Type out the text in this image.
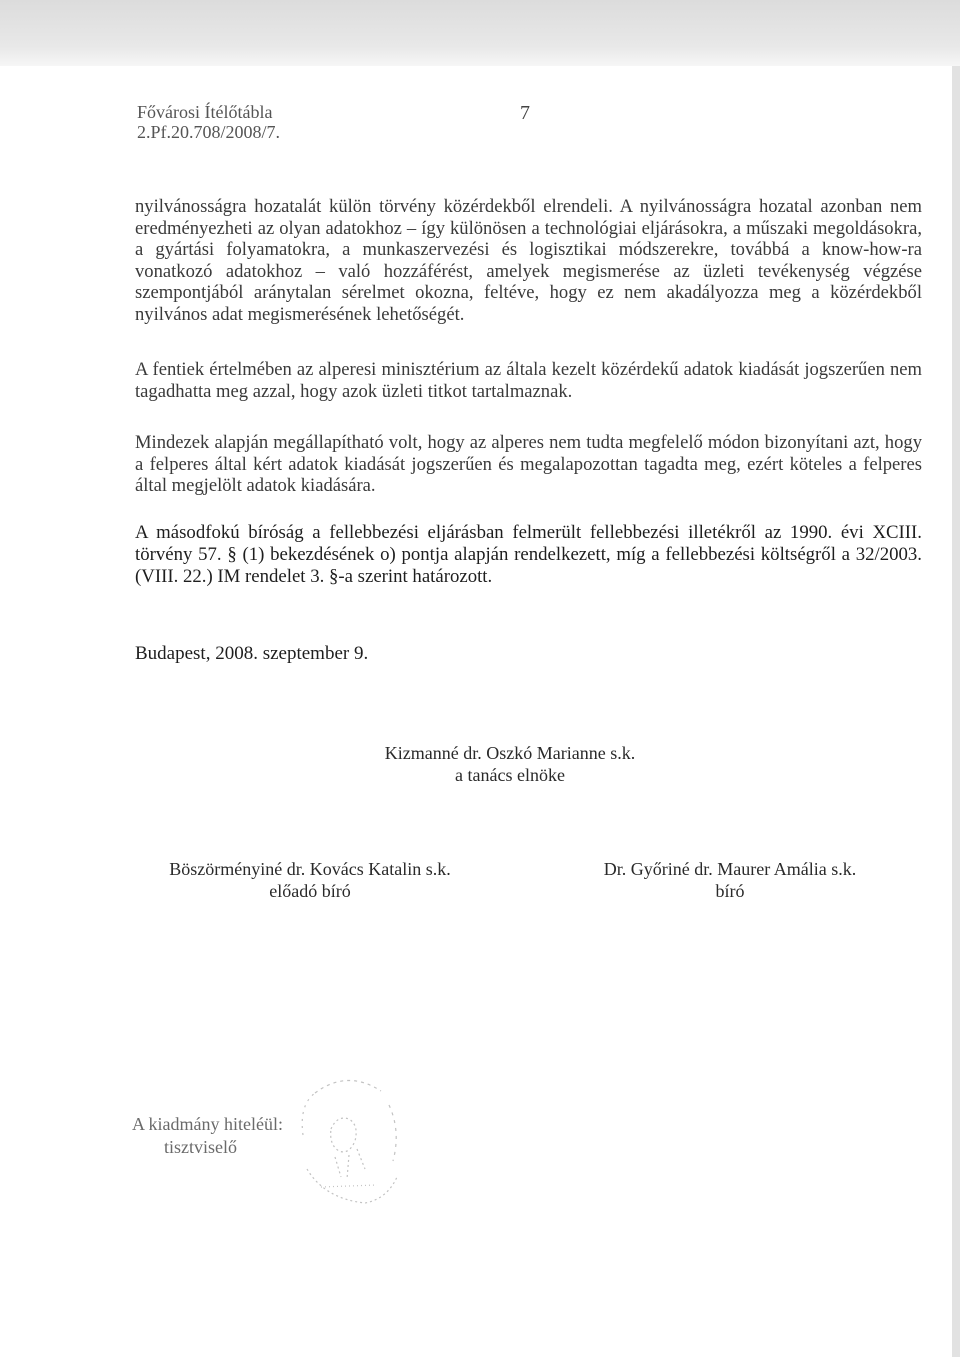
Fővárosi Ítélőtábla
2.Pf.20.708/2008/7.
7

nyilvánosságra hozatalát külön törvény közérdekből elrendeli. A nyilvánosságra hozatal azonban nem eredményezheti az olyan adatokhoz – így különösen a technológiai eljárásokra, a műszaki megoldásokra, a gyártási folyamatokra, a munkaszervezési és logisztikai módszerekre, továbbá a know-how-ra vonatkozó adatokhoz – való hozzáférést, amelyek megismerése az üzleti tevékenység végzése szempontjából aránytalan sérelmet okozna, feltéve, hogy ez nem akadályozza meg a közérdekből nyilvános adat megismerésének lehetőségét.

A fentiek értelmében az alperesi minisztérium az általa kezelt közérdekű adatok kiadását jogszerűen nem tagadhatta meg azzal, hogy azok üzleti titkot tartalmaznak.

Mindezek alapján megállapítható volt, hogy az alperes nem tudta megfelelő módon bizonyítani azt, hogy a felperes által kért adatok kiadását jogszerűen és megalapozottan tagadta meg, ezért köteles a felperes által megjelölt adatok kiadására.

A másodfokú bíróság a fellebbezési eljárásban felmerült fellebbezési illetékről az 1990. évi XCIII. törvény 57. § (1) bekezdésének o) pontja alapján rendelkezett, míg a fellebbezési költségről a 32/2003. (VIII. 22.) IM rendelet 3. §-a szerint határozott.

Budapest, 2008. szeptember 9.
Kizmanné dr. Oszkó Marianne s.k.
a tanács elnöke
Böszörményiné dr. Kovács Katalin s.k.
előadó bíró
Dr. Győriné dr. Maurer Amália s.k.
bíró
A kiadmány hiteléül:
tisztviselő
